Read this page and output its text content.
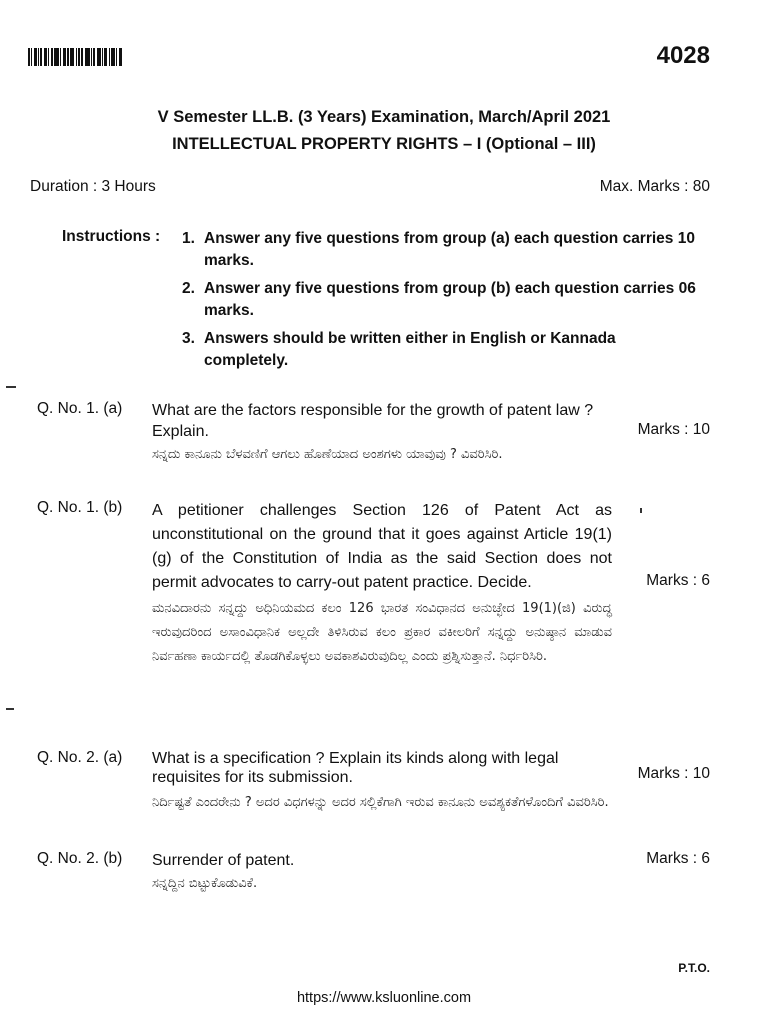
4028
V Semester LL.B. (3 Years) Examination, March/April 2021
INTELLECTUAL PROPERTY RIGHTS – I (Optional – III)
Duration : 3 Hours	Max. Marks : 80
Instructions : 1. Answer any five questions from group (a) each question carries 10 marks.
2. Answer any five questions from group (b) each question carries 06 marks.
3. Answers should be written either in English or Kannada completely.
Q. No. 1. (a) What are the factors responsible for the growth of patent law ? Explain.
ಸನ್ನದು ಕಾನೂನು ಬೆಳವಣಿಗೆ ಆಗಲು ಹೊಣೆಯಾದ ಅಂಶಗಳು ಯಾವುವು ? ವಿವರಿಸಿರಿ.
Marks : 10
Q. No. 1. (b) A petitioner challenges Section 126 of Patent Act as unconstitutional on the ground that it goes against Article 19(1)(g) of the Constitution of India as the said Section does not permit advocates to carry-out patent practice. Decide.
ಮನವಿದಾರನು ಸನ್ನದ್ದು ಅಧಿನಿಯಮದ ಕಲಂ 126 ಭಾರತ ಸಂವಿಧಾನದ ಅನುಚ್ಛೇದ 19(1)(ಜಿ) ವಿರುದ್ಧ ಇರುವುದರಿಂದ ಅಸಾಂವಿಧಾನಿಕ ಅಲ್ಲದೇ ತಿಳಿಸಿರುವ ಕಲಂ ಪ್ರಕಾರ ವಕೀಲರಿಗೆ ಸನ್ನದ್ದು ಅನುಷ್ಠಾನ ಮಾಡುವ ನಿರ್ವಹಣಾ ಕಾರ್ಯದಲ್ಲಿ ತೊಡಗಿಕೊಳ್ಳಲು ಅವಕಾಶವಿರುವುದಿಲ್ಲ ಎಂದು ಪ್ರಶ್ನಿಸುತ್ತಾನೆ. ನಿರ್ಧರಿಸಿರಿ.
Marks : 6
Q. No. 2. (a) What is a specification ? Explain its kinds along with legal requisites for its submission.
ನಿರ್ದಿಷ್ಟತೆ ಎಂದರೇನು ? ಅದರ ವಿಧಗಳನ್ನು ಅದರ ಸಲ್ಲಿಕೆಗಾಗಿ ಇರುವ ಕಾನೂನು ಅವಶ್ಯಕತೆಗಳೊಂದಿಗೆ ವಿವರಿಸಿರಿ.
Marks : 10
Q. No. 2. (b) Surrender of patent.
ಸನ್ನದ್ದಿನ ಬಿಟ್ಟುಕೊಡುವಿಕೆ.
Marks : 6
P.T.O.
https://www.ksluonline.com
